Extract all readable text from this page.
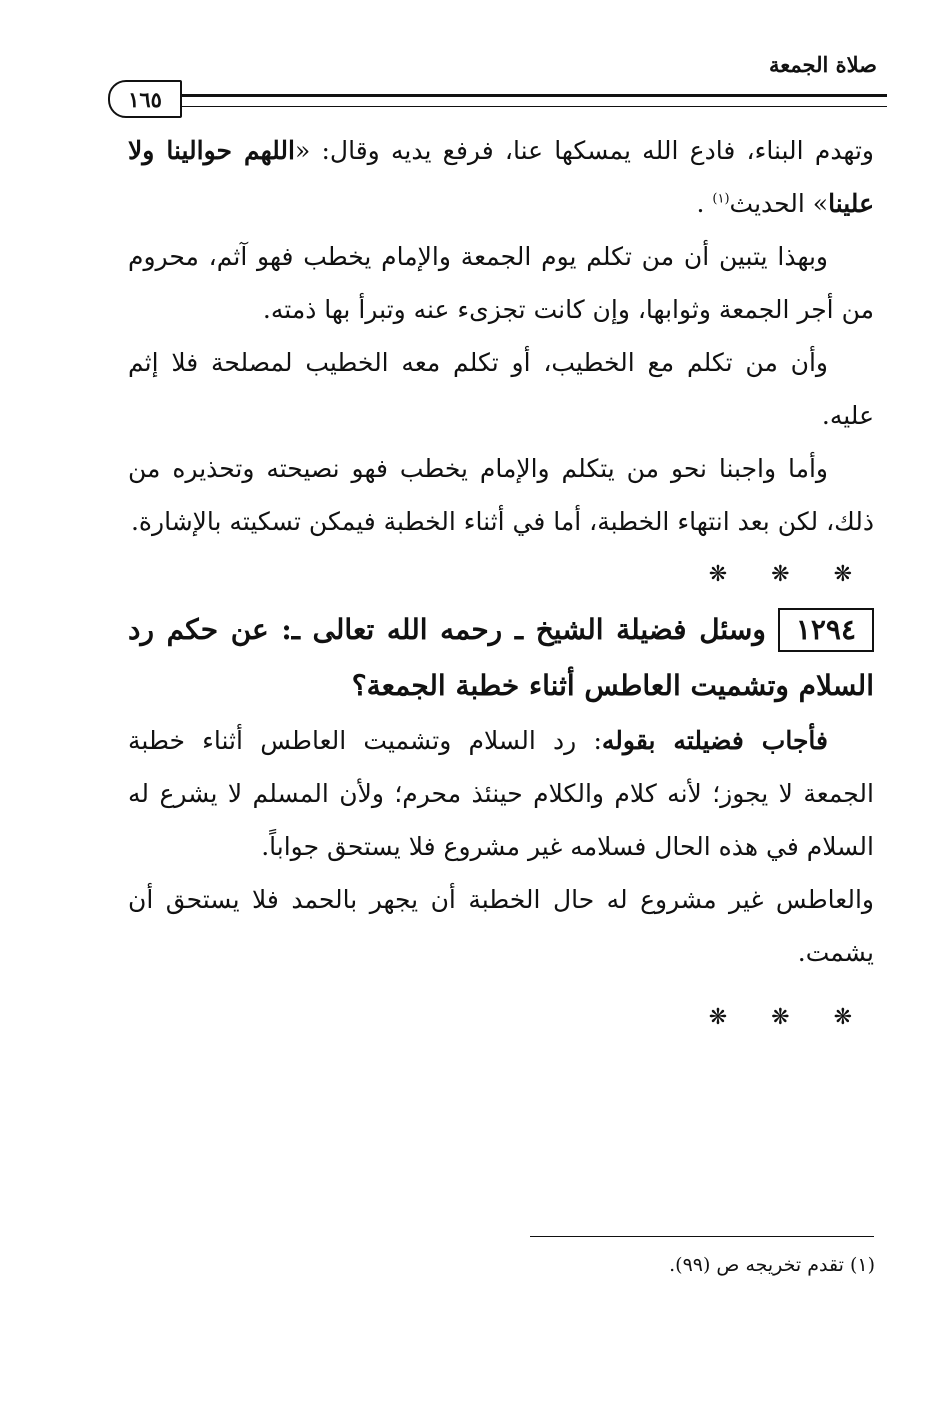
صلاة الجمعة
١٦٥

وتهدم البناء، فادع الله يمسكها عنا، فرفع يديه وقال: «اللهم حوالينا ولا علينا» الحديث$^{(١)}$ .

وبهذا يتبين أن من تكلم يوم الجمعة والإمام يخطب فهو آثم، محروم من أجر الجمعة وثوابها، وإن كانت تجزىء عنه وتبرأ بها ذمته.

وأن من تكلم مع الخطيب، أو تكلم معه الخطيب لمصلحة فلا إثم عليه.

وأما واجبنا نحو من يتكلم والإمام يخطب فهو نصيحته وتحذيره من ذلك، لكن بعد انتهاء الخطبة، أما في أثناء الخطبة فيمكن تسكيته بالإشارة.

❋ ❋ ❋

١٢٩٤وسئل فضيلة الشيخ ـ رحمه الله تعالى ـ: عن حكم رد السلام وتشميت العاطس أثناء خطبة الجمعة؟

فأجاب فضيلته بقوله: رد السلام وتشميت العاطس أثناء خطبة الجمعة لا يجوز؛ لأنه كلام والكلام حينئذ محرم؛ ولأن المسلم لا يشرع له السلام في هذه الحال فسلامه غير مشروع فلا يستحق جواباً.

والعاطس غير مشروع له حال الخطبة أن يجهر بالحمد فلا يستحق أن يشمت.

❋ ❋ ❋
(١) تقدم تخريجه ص (٩٩).
